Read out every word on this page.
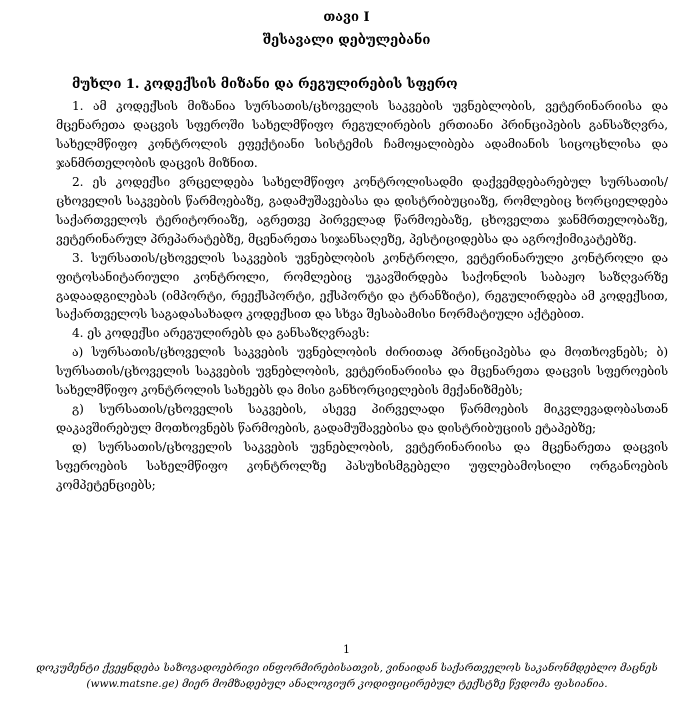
თავი I
შესავალი დებულებანი
მუხლი 1. კოდექსის მიზანი და რეგულირების სფერო

1. ამ კოდექსის მიზანია სურსათის/ცხოველის საკვების უვნებლობის, ვეტერინარიისა და მცენარეთა დაცვის სფეროში სახელმწიფო რეგულირების ერთიანი პრინციპების განსაზღვრა, სახელმწიფო კონტროლის ეფექტიანი სისტემის ჩამოყალიბება ადამიანის სიცოცხლისა და ჯანმრთელობის დაცვის მიზნით.

2. ეს კოდექსი ვრცელდება სახელმწიფო კონტროლისადმი დაქვემდებარებულ სურსათის/ცხოველის საკვების წარმოებაზე, გადამუშავებასა და დისტრიბუციაზე, რომლებიც ხორციელდება საქართველოს ტერიტორიაზე, აგრეთვე პირველად წარმოებაზე, ცხოველთა ჯანმრთელობაზე, ვეტერინარულ პრეპარატებზე, მცენარეთა სიჯანსაღეზე, პესტიციდებსა და აგროქიმიკატებზე.

3. სურსათის/ცხოველის საკვების უვნებლობის კონტროლი, ვეტერინარული კონტროლი და ფიტოსანიტარიული კონტროლი, რომლებიც უკავშირდება საქონლის საბაჟო საზღვარზე გადაადგილებას (იმპორტი, რეექსპორტი, ექსპორტი და ტრანზიტი), რეგულირდება ამ კოდექსით, საქართველოს საგადასახადო კოდექსით და სხვა შესაბამისი ნორმატიული აქტებით.

4. ეს კოდექსი არეგულირებს და განსაზღვრავს:

ა) სურსათის/ცხოველის საკვების უვნებლობის ძირითად პრინციპებსა და მოთხოვნებს; ბ) სურსათის/ცხოველის საკვების უვნებლობის, ვეტერინარიისა და მცენარეთა დაცვის სფეროების სახელმწიფო კონტროლის სახეებს და მისი განხორციელების მექანიზმებს;

გ) სურსათის/ცხოველის საკვების, ასევე პირველადი წარმოების მიკვლევადობასთან დაკავშირებულ მოთხოვნებს წარმოების, გადამუშავებისა და დისტრიბუციის ეტაპებზე;

დ) სურსათის/ცხოველის საკვების უვნებლობის, ვეტერინარიისა და მცენარეთა დაცვის სფეროების სახელმწიფო კონტროლზე პასუხისმგებელი უფლებამოსილი ორგანოების კომპეტენციებს;

1
დოკუმენტი ქვეყნდება საზოგადოებრივი ინფორმირებისათვის, ვინაიდან საქართველოს საკანონმდებლო მაცნეს
(www.matsne.ge) მიერ მომზადებულ ანალოგიურ კოდიფიცირებულ ტექსტზე წვდომა ფასიანია.
